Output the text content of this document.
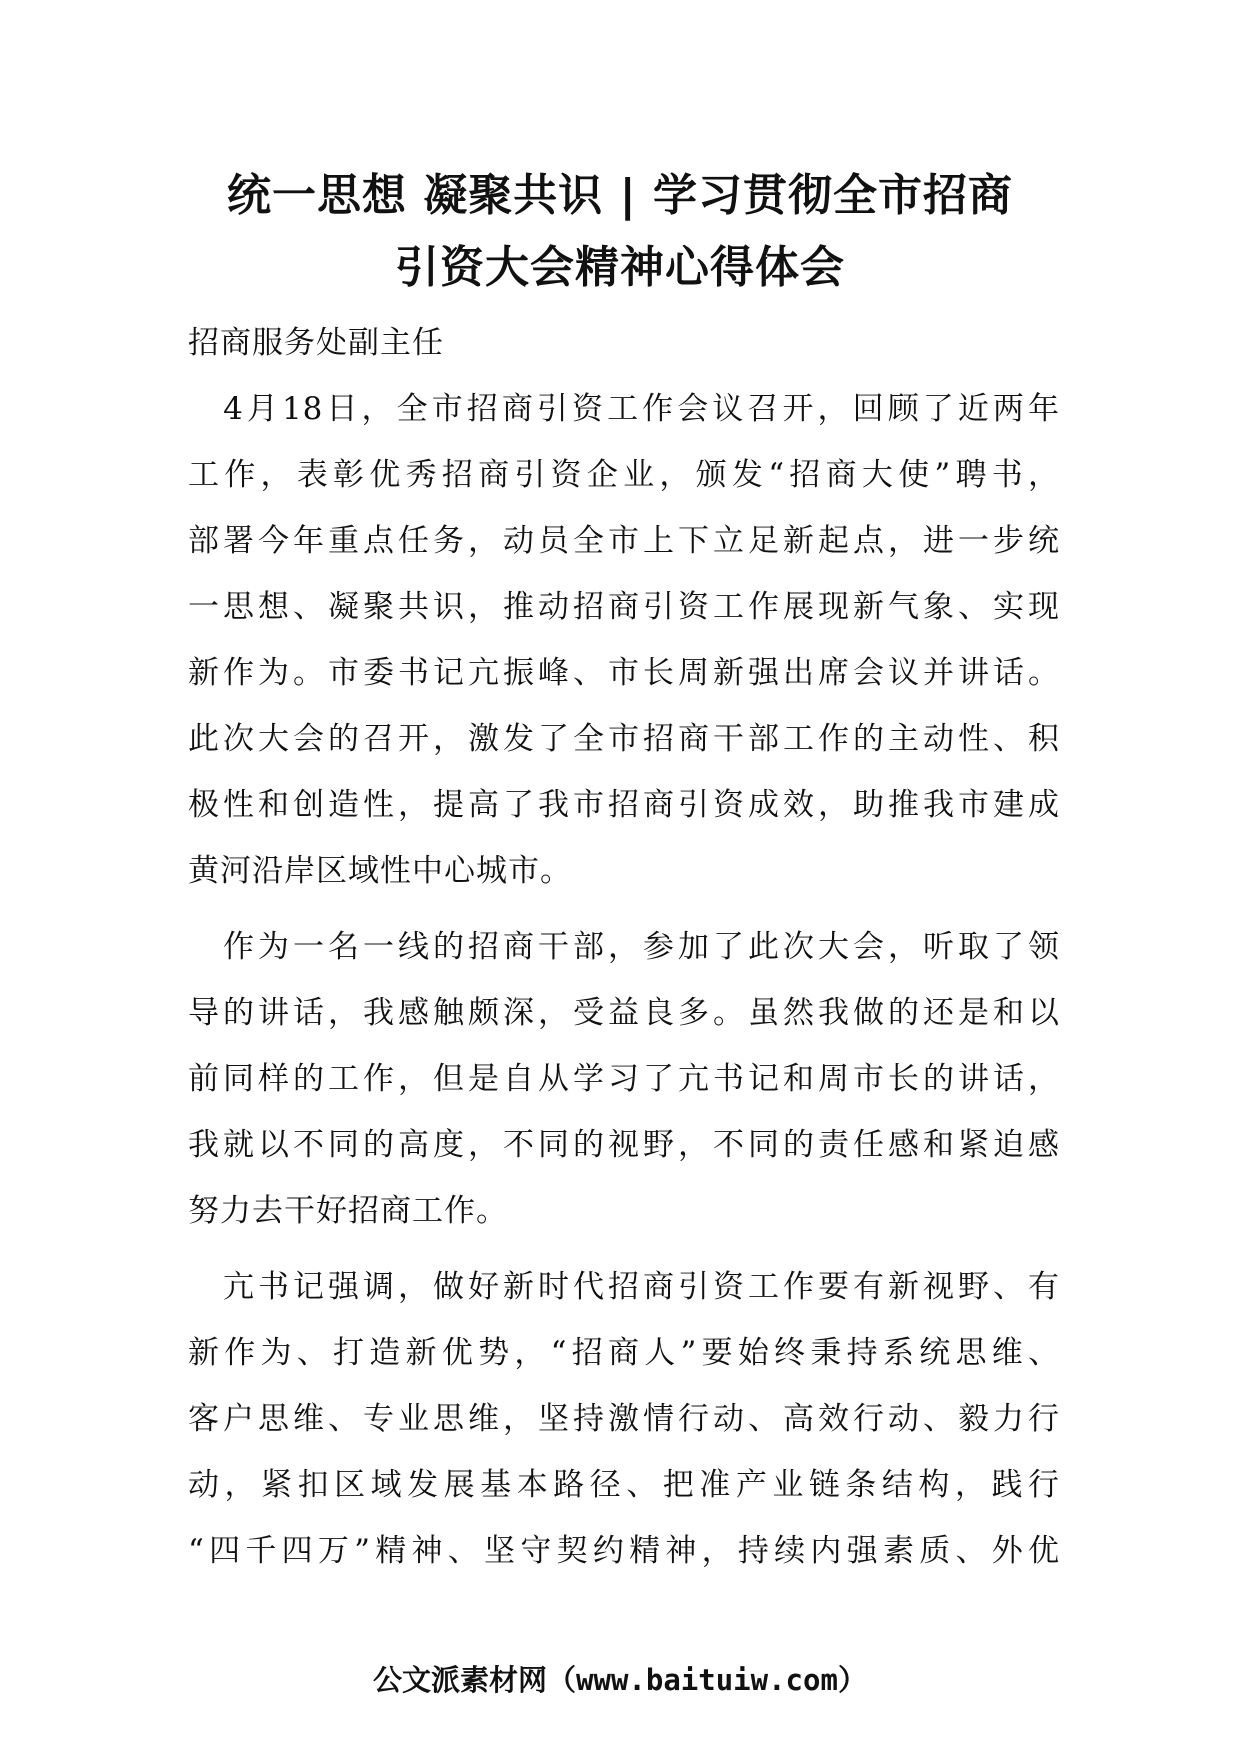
统一思想 凝聚共识 | 学习贯彻全市招商
引资大会精神心得体会

招商服务处副主任

　4月18日，全市招商引资工作会议召开，回顾了近两年
工作，表彰优秀招商引资企业，颁发“招商大使”聘书，
部署今年重点任务，动员全市上下立足新起点，进一步统
一思想、凝聚共识，推动招商引资工作展现新气象、实现
新作为。市委书记亢振峰、市长周新强出席会议并讲话。
此次大会的召开，激发了全市招商干部工作的主动性、积
极性和创造性，提高了我市招商引资成效，助推我市建成
黄河沿岸区域性中心城市。

　作为一名一线的招商干部，参加了此次大会，听取了领
导的讲话，我感触颇深，受益良多。虽然我做的还是和以
前同样的工作，但是自从学习了亢书记和周市长的讲话，
我就以不同的高度，不同的视野，不同的责任感和紧迫感
努力去干好招商工作。

　亢书记强调，做好新时代招商引资工作要有新视野、有
新作为、打造新优势，“招商人”要始终秉持系统思维、
客户思维、专业思维，坚持激情行动、高效行动、毅力行
动，紧扣区域发展基本路径、把准产业链条结构，践行
“四千四万”精神、坚守契约精神，持续内强素质、外优

公文派素材网（www.baituiw.com）
